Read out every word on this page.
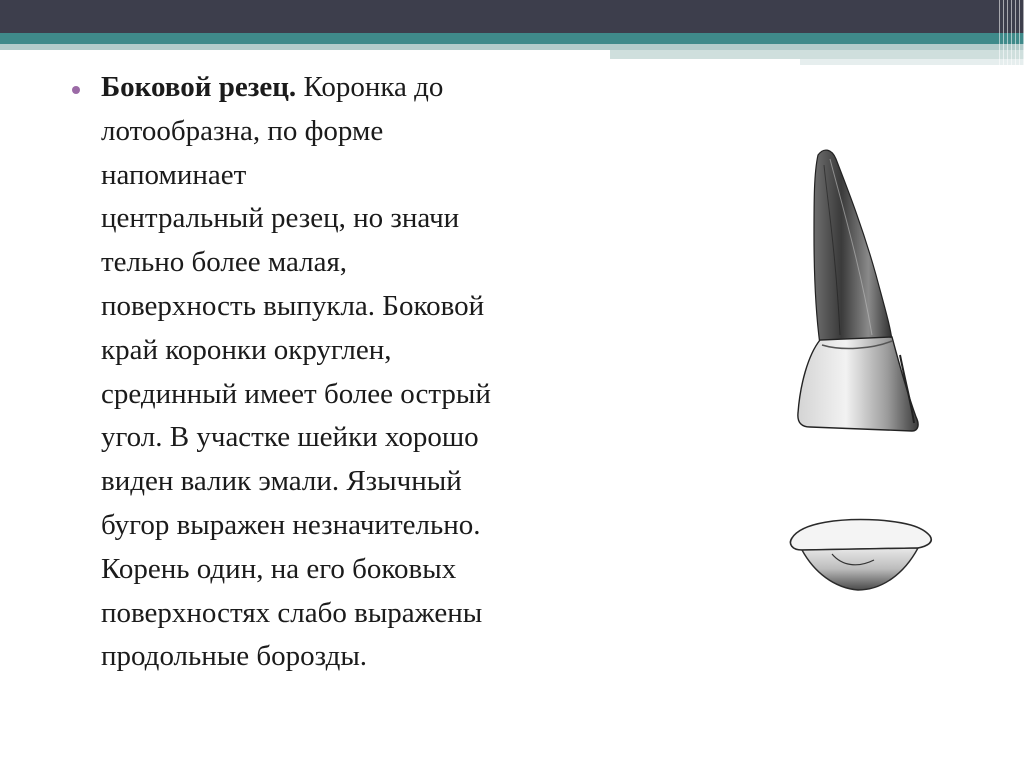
Боковой резец. Коронка до
лотообразна, по форме
напоминает
центральный резец, но значи
тельно более малая,
поверхность выпукла. Боковой
край коронки округлен,
срединный имеет более острый
угол. В участке шейки хорошо
виден валик эмали. Язычный
бугор выражен незначительно.
Корень один, на его боковых
поверхностях слабо выражены
продольные борозды.
